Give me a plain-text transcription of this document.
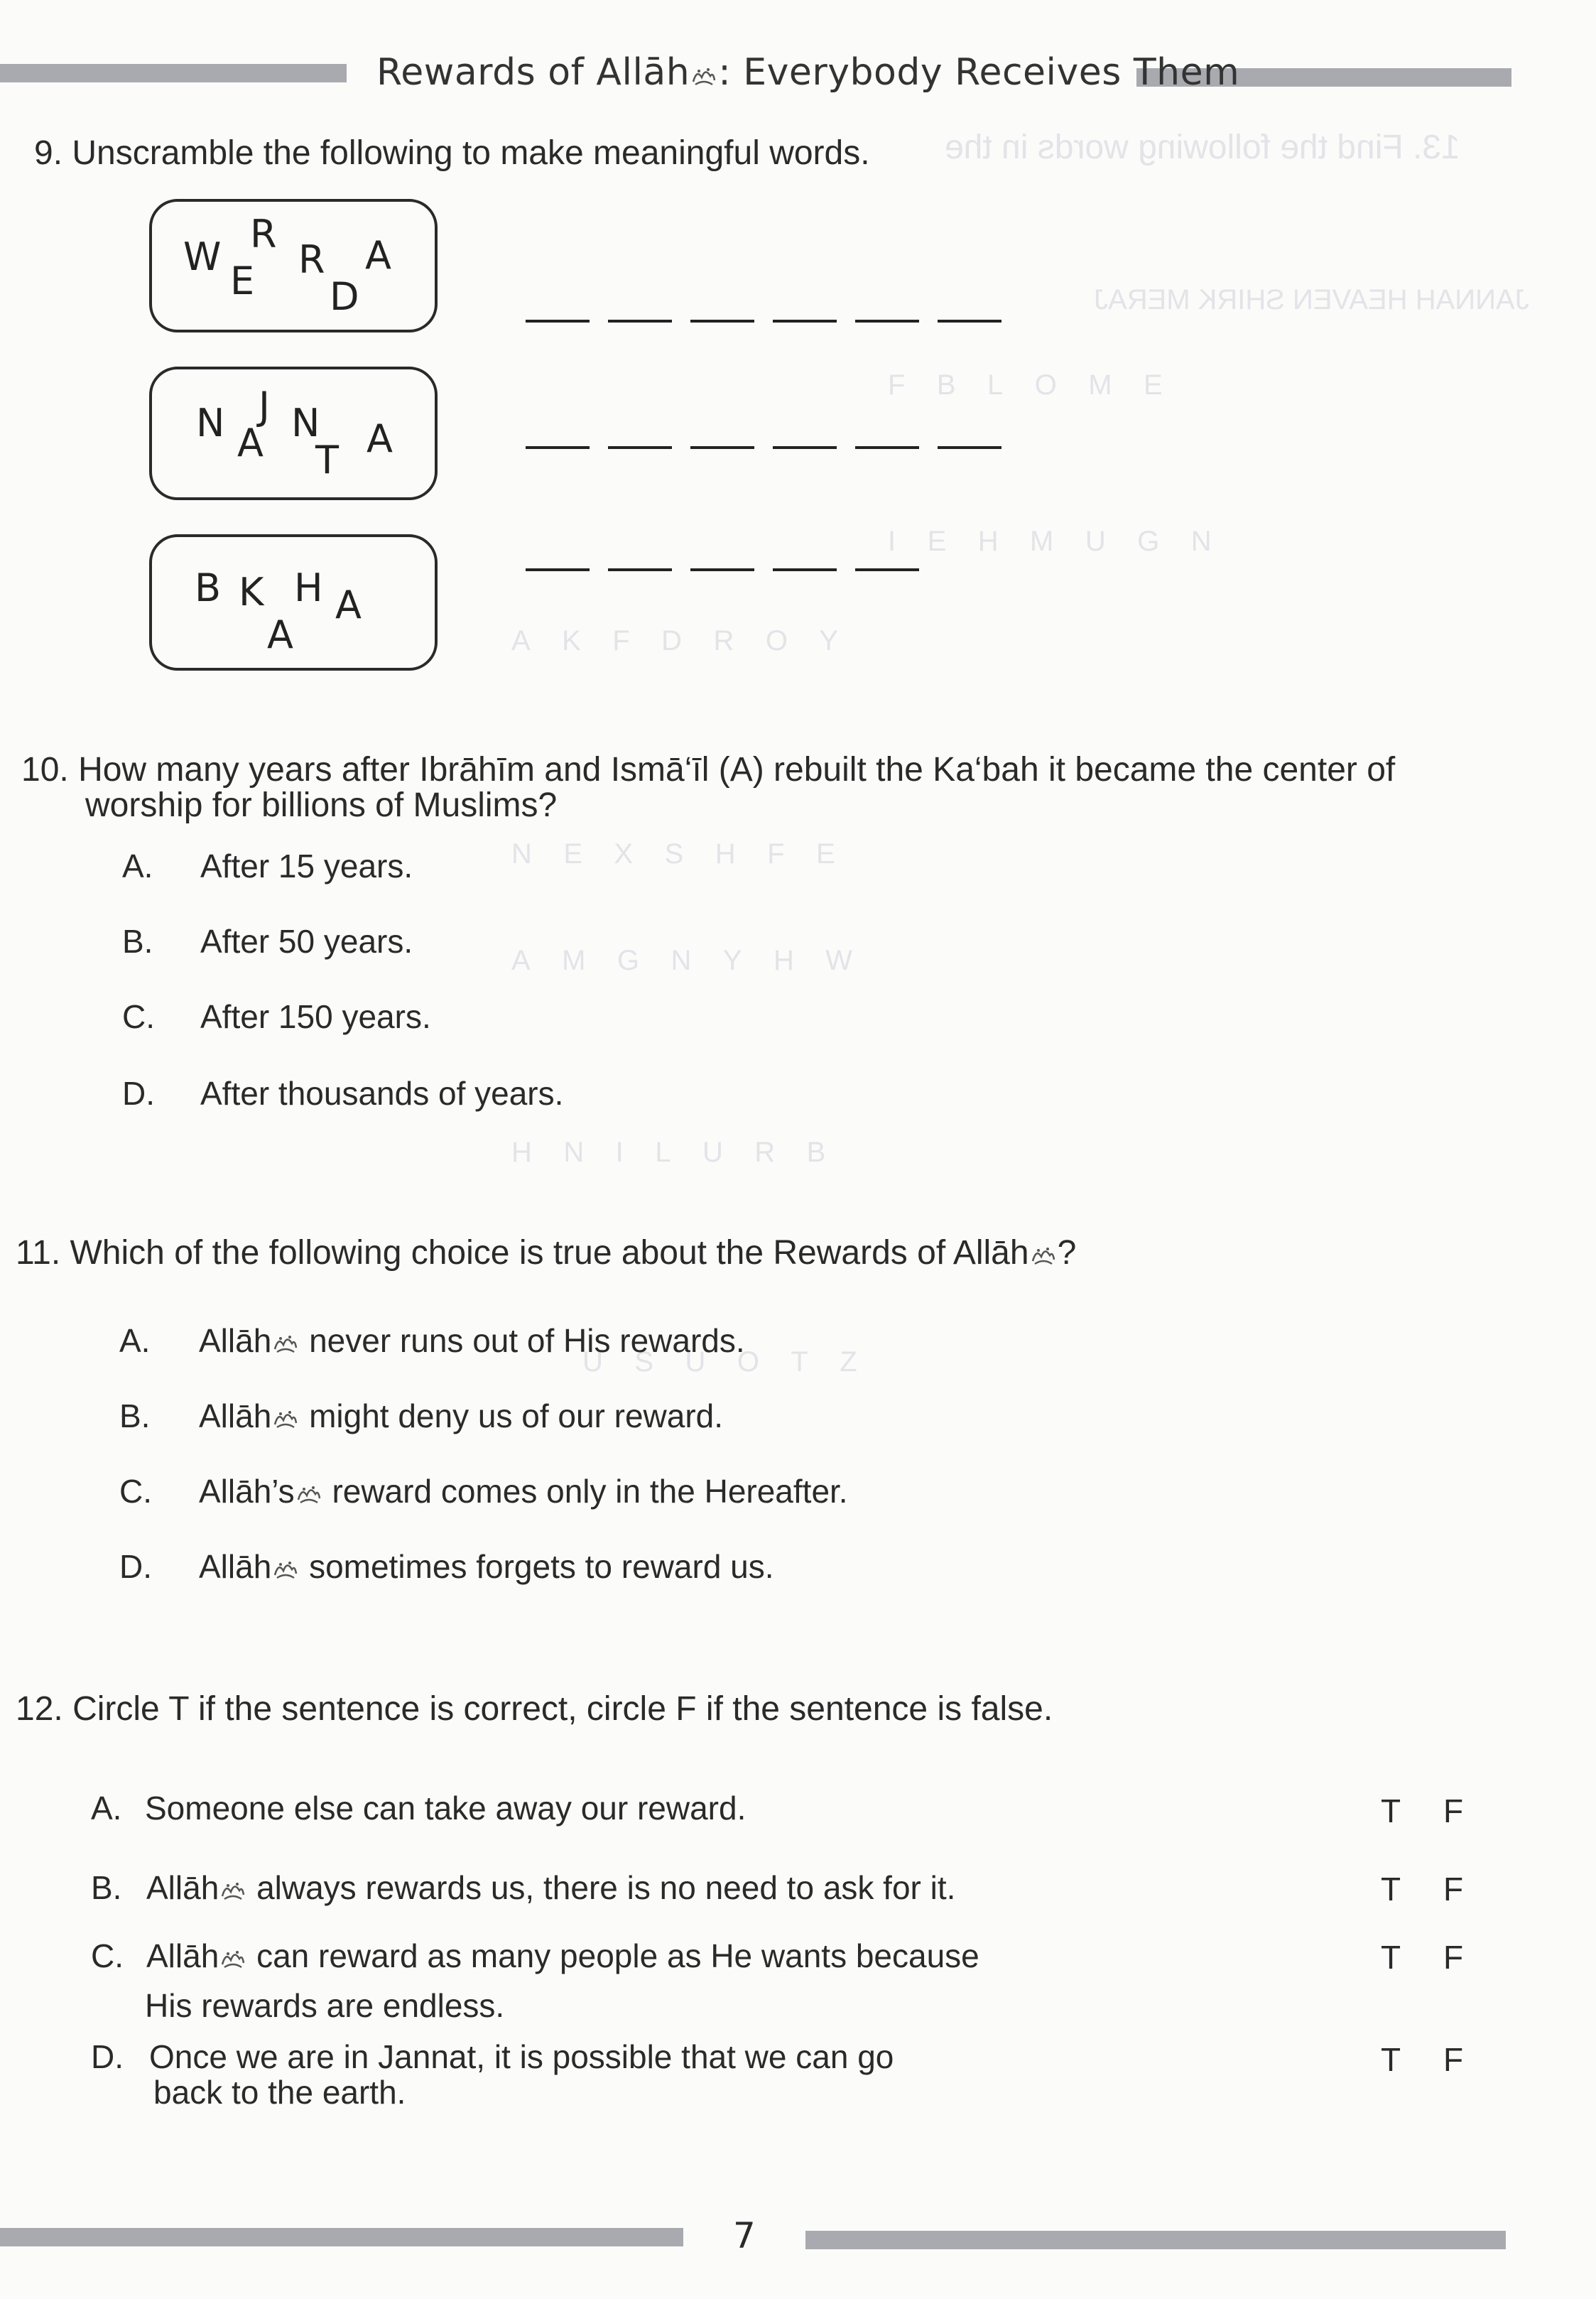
13. Find the following words in the
JANNAH HEAVEN SHIRK MERAJ
F    B    L    O    M    E
I    E    H    M    U    G    N
A    K    F    D    R    O    Y
N    E    X    S    H    F    E
A    M    G    N    Y    H    W
H    N    I    L    U    R    B
U    S    U    O    T    Z
Rewards of Allāh : Everybody Receives Them
9. Unscramble the following to make meaningful words.
W
R
E R
D
A
N J
A N
T A
B K H
A
A
10. How many years after Ibrāhīm and Ismā‘īl (A) rebuilt the Ka‘bah it became the center of
worship for billions of Muslims?
A. After 15 years.
B. After 50 years.
C. After 150 years.
D. After thousands of years.
11. Which of the following choice is true about the Rewards of Allāh ?
A. Allāh never runs out of His rewards.
B. Allāh might deny us of our reward.
C. Allāh’s reward comes only in the Hereafter.
D. Allāh sometimes forgets to reward us.
12. Circle T if the sentence is correct, circle F if the sentence is false.
A. Someone else can take away our reward.	T F
B. Allāh always rewards us, there is no need to ask for it.	T F
C. Allāh can reward as many people as He wants because
His rewards are endless.
T F
D. Once we are in Jannat, it is possible that we can go
back to the earth.
T F
7
